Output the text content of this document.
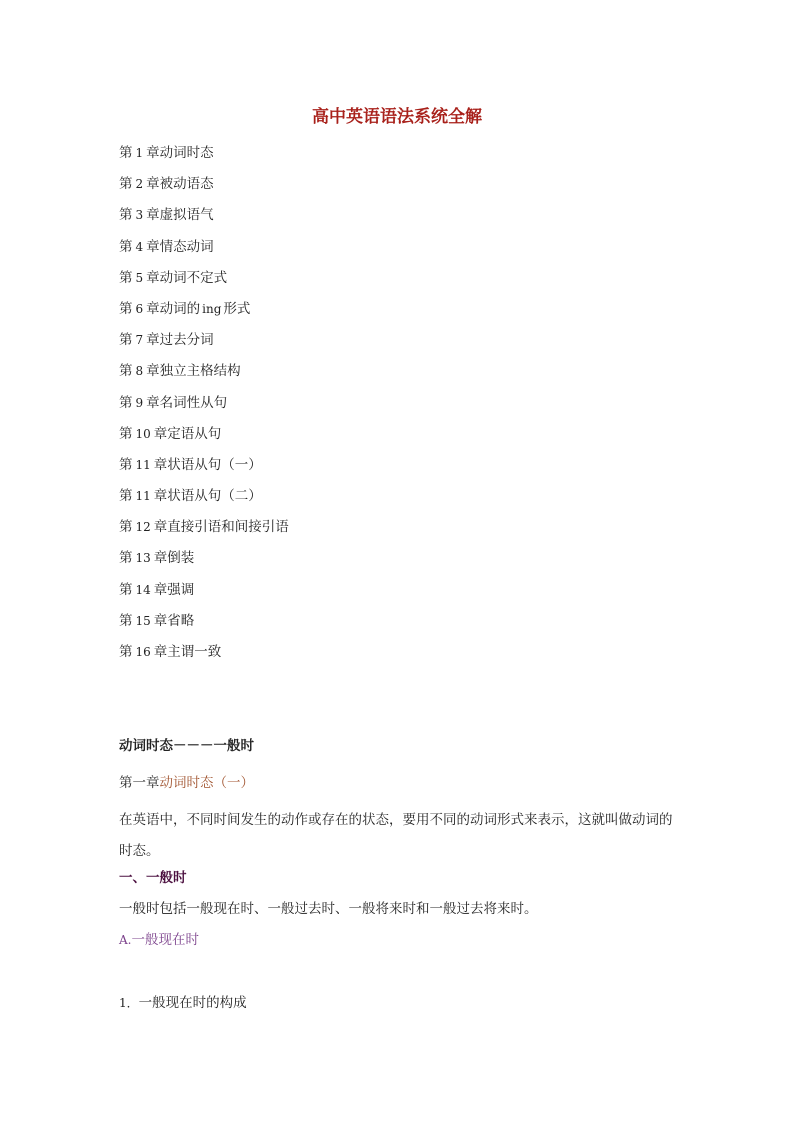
高中英语语法系统全解
第 1 章动词时态
第 2 章被动语态
第 3 章虚拟语气
第 4 章情态动词
第 5 章动词不定式
第 6 章动词的 ing 形式
第 7 章过去分词
第 8 章独立主格结构
第 9 章名词性从句
第 10 章定语从句
第 11 章状语从句（一）
第 11 章状语从句（二）
第 12 章直接引语和间接引语
第 13 章倒装
第 14 章强调
第 15 章省略
第 16 章主谓一致
动词时态－－－一般时
第一章动词时态（一）
在英语中，不同时间发生的动作或存在的状态，要用不同的动词形式来表示，这就叫做动词的时态。
一、一般时
一般时包括一般现在时、一般过去时、一般将来时和一般过去将来时。
A.一般现在时
1．一般现在时的构成
